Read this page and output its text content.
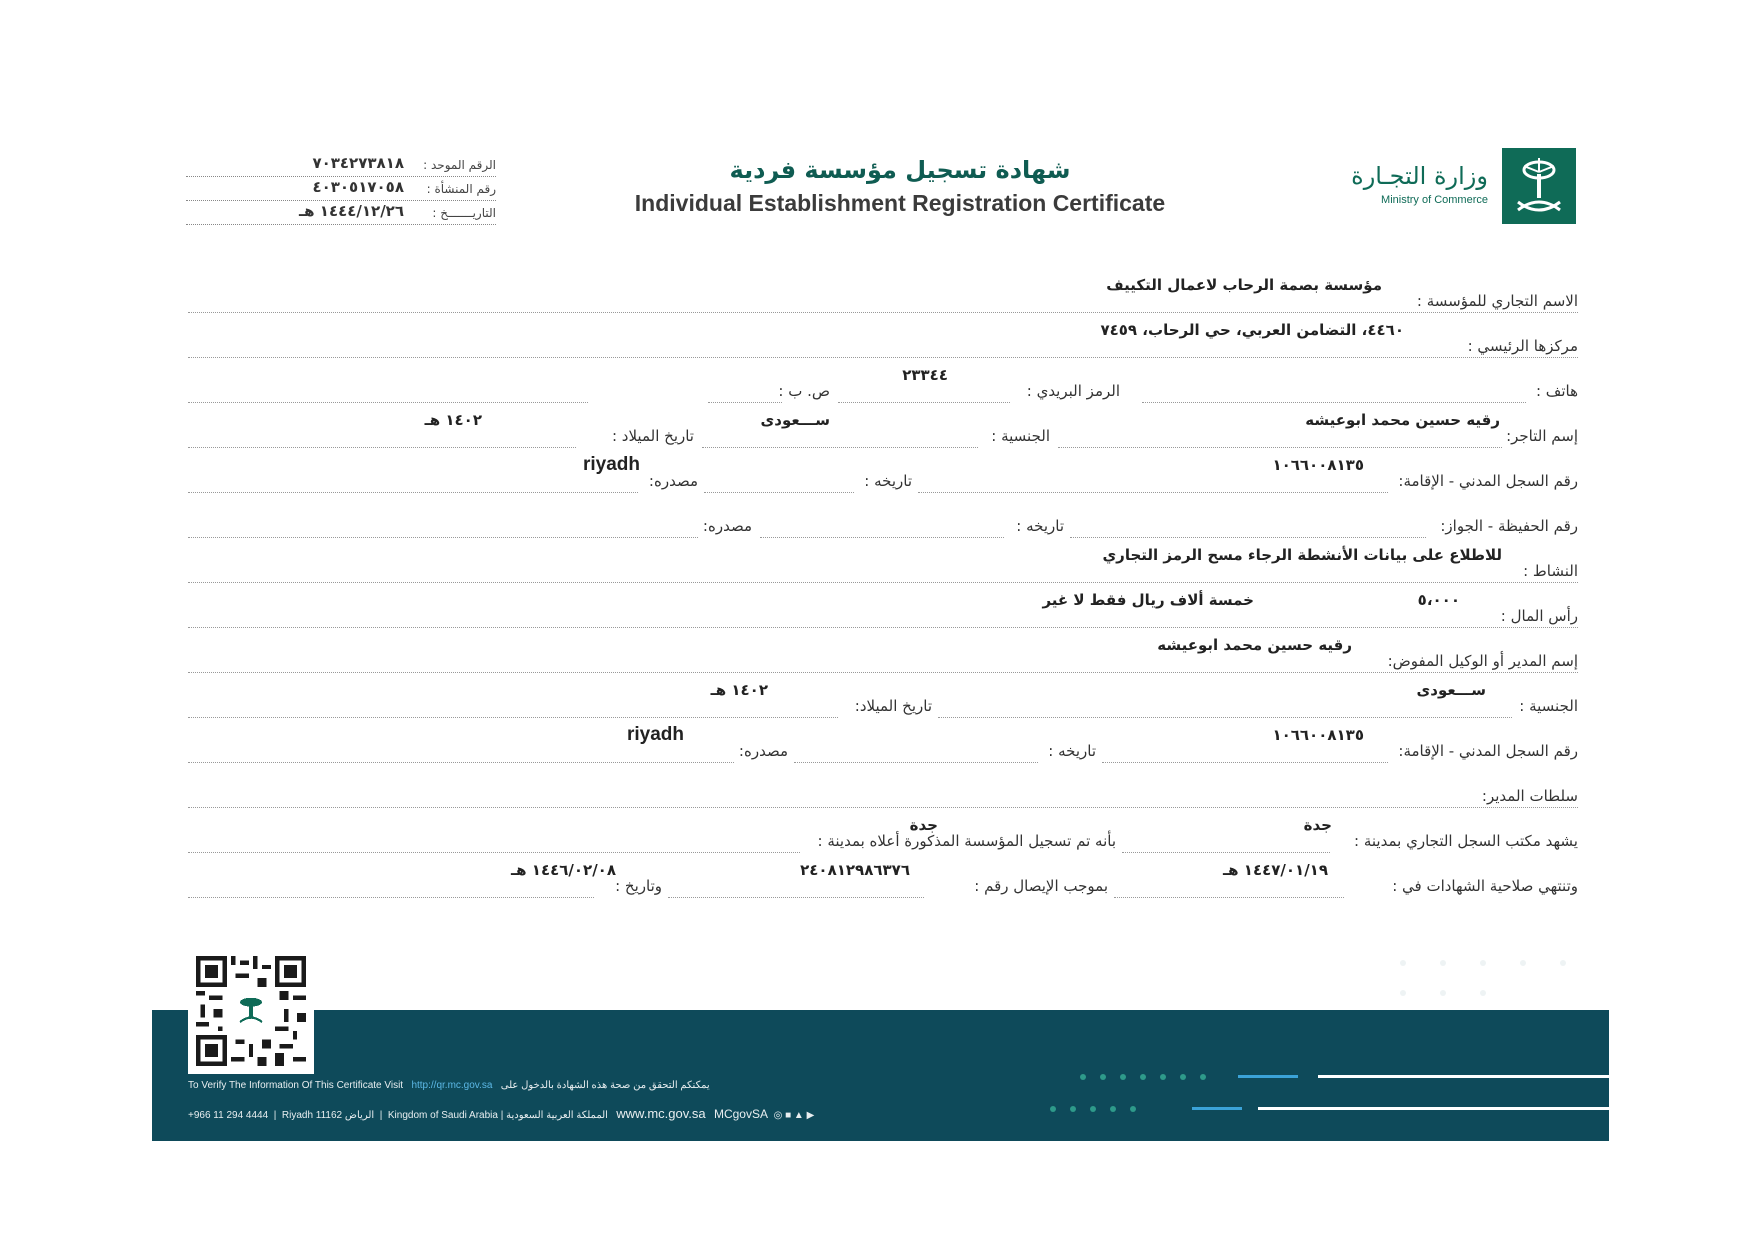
وزارة التجـارة
Ministry of Commerce
شهادة تسجيل مؤسسة فردية
Individual Establishment Registration Certificate
الرقم الموحد :
٧٠٣٤٢٧٣٨١٨
رقم المنشأة :
٤٠٣٠٥١٧٠٥٨
التاريـــــــخ :
١٤٤٤/١٢/٢٦ هـ
الاسم التجاري للمؤسسة :
مؤسسة بصمة الرحاب لاعمال التكييف
مركزها الرئيسي :
٤٤٦٠، التضامن العربي، حي الرحاب، ٧٤٥٩
هاتف :
الرمز البريدي :
٢٣٣٤٤
ص. ب :
إسم التاجر:
رقيه حسين محمد ابوعيشه
الجنسية :
ســـعودى
تاريخ الميلاد :
١٤٠٢ هـ
رقم السجل المدني - الإقامة:
١٠٦٦٠٠٨١٣٥
تاريخه :
مصدره:
riyadh
رقم الحفيظة - الجواز:
تاريخه :
مصدره:
النشاط :
للاطلاع على بيانات الأنشطة الرجاء مسح الرمز التجاري
رأس المال :
٥،٠٠٠
خمسة ألاف ريال فقط لا غير
إسم المدير أو الوكيل المفوض:
رقيه حسين محمد ابوعيشه
الجنسية :
ســـعودى
تاريخ الميلاد:
١٤٠٢ هـ
رقم السجل المدني - الإقامة:
١٠٦٦٠٠٨١٣٥
تاريخه :
مصدره:
riyadh
سلطات المدير:
يشهد مكتب السجل التجاري بمدينة :
جدة
بأنه تم تسجيل المؤسسة المذكورة أعلاه بمدينة :
جدة
وتنتهي صلاحية الشهادات في :
١٤٤٧/٠١/١٩ هـ
بموجب الإيصال رقم :
٢٤٠٨١٢٩٨٦٣٧٦
وتاريخ :
١٤٤٦/٠٢/٠٨ هـ
To Verify The Information Of This Certificate Visit http://qr.mc.gov.sa يمكنكم التحقق من صحة هذه الشهادة بالدخول على
+966 11 294 4444  |  Riyadh 11162 الرياض  |  Kingdom of Saudi Arabia | المملكة العربية السعودية www.mc.gov.sa MCgovSA ◎ ■ ▲ ▶
